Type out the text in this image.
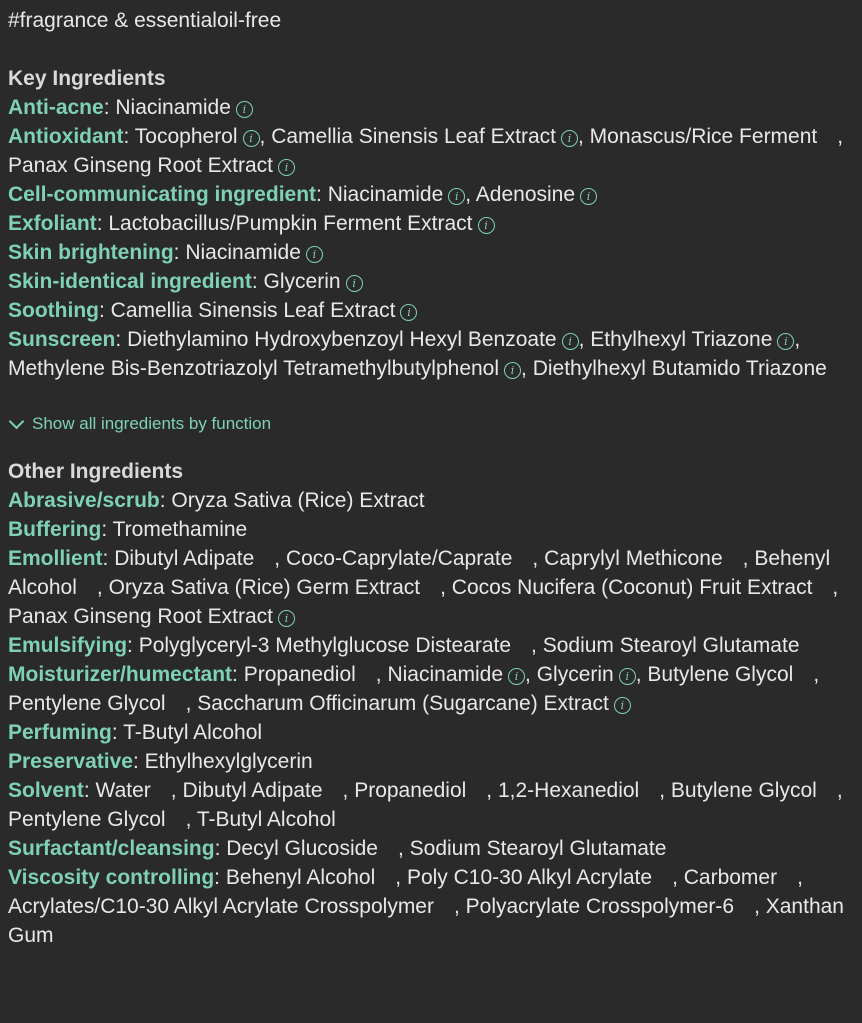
#fragrance & essentialoil-free
Key Ingredients
Anti-acne: Niacinamide i
Antioxidant: Tocopherol i , Camellia Sinensis Leaf Extract i , Monascus/Rice Ferment , Panax Ginseng Root Extract i
Cell-communicating ingredient: Niacinamide i , Adenosine i
Exfoliant: Lactobacillus/Pumpkin Ferment Extract i
Skin brightening: Niacinamide i
Skin-identical ingredient: Glycerin i
Soothing: Camellia Sinensis Leaf Extract i
Sunscreen: Diethylamino Hydroxybenzoyl Hexyl Benzoate i , Ethylhexyl Triazone i , Methylene Bis-Benzotriazolyl Tetramethylbutylphenol i , Diethylhexyl Butamido Triazone
Show all ingredients by function
Other Ingredients
Abrasive/scrub: Oryza Sativa (Rice) Extract
Buffering: Tromethamine
Emollient: Dibutyl Adipate , Coco-Caprylate/Caprate , Caprylyl Methicone , Behenyl Alcohol , Oryza Sativa (Rice) Germ Extract , Cocos Nucifera (Coconut) Fruit Extract , Panax Ginseng Root Extract i
Emulsifying: Polyglyceryl-3 Methylglucose Distearate , Sodium Stearoyl Glutamate
Moisturizer/humectant: Propanediol , Niacinamide i , Glycerin i , Butylene Glycol , Pentylene Glycol , Saccharum Officinarum (Sugarcane) Extract i
Perfuming: T-Butyl Alcohol
Preservative: Ethylhexylglycerin
Solvent: Water , Dibutyl Adipate , Propanediol , 1,2-Hexanediol , Butylene Glycol , Pentylene Glycol , T-Butyl Alcohol
Surfactant/cleansing: Decyl Glucoside , Sodium Stearoyl Glutamate
Viscosity controlling: Behenyl Alcohol , Poly C10-30 Alkyl Acrylate , Carbomer , Acrylates/C10-30 Alkyl Acrylate Crosspolymer , Polyacrylate Crosspolymer-6 , Xanthan Gum
